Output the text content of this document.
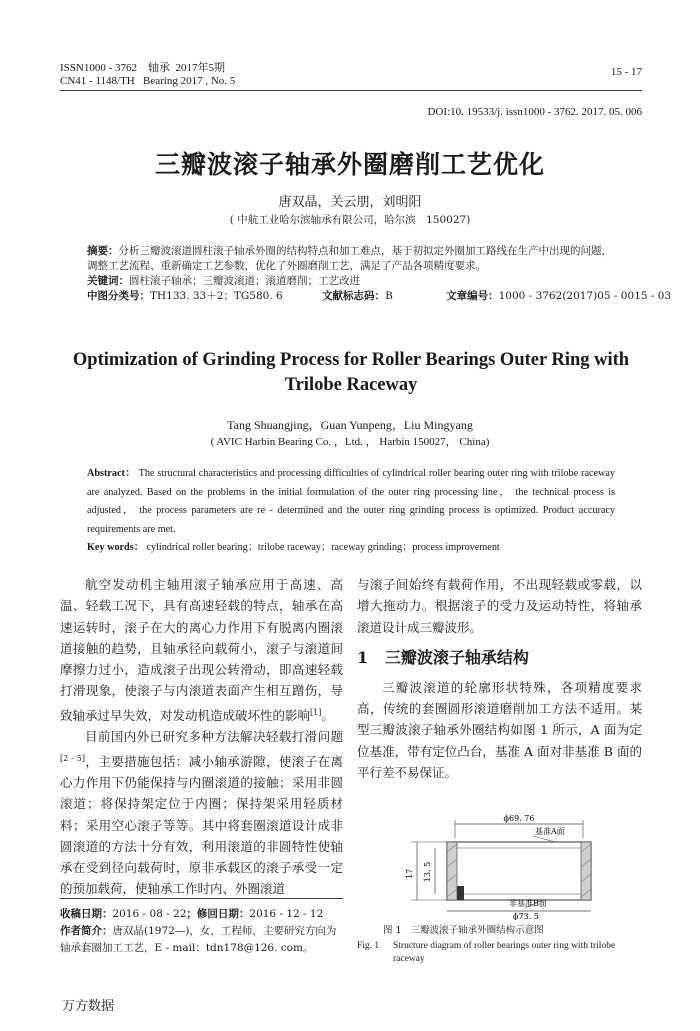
ISSN1000 - 3762 轴承 2017年5期
CN41 - 1148/TH Bearing 2017 , No. 5
15 - 17
DOI:10. 19533/j. issn1000 - 3762. 2017. 05. 006
三瓣波滚子轴承外圈磨削工艺优化
唐双晶，关云朋，刘明阳
( 中航工业哈尔滨轴承有限公司，哈尔滨　150027)
摘要：分析三瓣波滚道圆柱滚子轴承外圈的结构特点和加工难点，基于初拟定外圈加工路线在生产中出现的问题，调整工艺流程、重新确定工艺参数，优化了外圈磨削工艺，满足了产品各项精度要求。
关键词：圆柱滚子轴承；三瓣波滚道；滚道磨削；工艺改进
中图分类号：TH133. 33＋2；TG580. 6	文献标志码：B	文章编号：1000 - 3762(2017)05 - 0015 - 03
Optimization of Grinding Process for Roller Bearings Outer Ring with Trilobe Raceway
Tang Shuangjing，Guan Yunpeng，Liu Mingyang
( AVIC Harbin Bearing Co. ，Ltd. ， Harbin 150027， China)
Abstract： The structural characteristics and processing difficulties of cylindrical roller bearing outer ring with trilobe raceway are analyzed. Based on the problems in the initial formulation of the outer ring processing line， the technical process is adjusted， the process parameters are re - determined and the outer ring grinding process is optimized. Product accuracy requirements are met.
Key words： cylindrical roller bearing；trilobe raceway；raceway grinding；process improvement

航空发动机主轴用滚子轴承应用于高速、高温、轻载工况下，具有高速轻载的特点，轴承在高速运转时，滚子在大的离心力作用下有脱离内圈滚道接触的趋势，且轴承径向载荷小，滚子与滚道间摩擦力过小，造成滚子出现公转滑动，即高速轻载打滑现象，使滚子与内滚道表面产生相互蹭伤，导致轴承过早失效，对发动机造成破坏性的影响[1]。

目前国内外已研究多种方法解决轻载打滑问题[2 - 5]，主要措施包括：减小轴承游隙，使滚子在离心力作用下仍能保持与内圈滚道的接触；采用非圆滚道；将保持架定位于内圈；保持架采用轻质材料；采用空心滚子等等。其中将套圈滚道设计成非圆滚道的方法十分有效，利用滚道的非圆特性使轴承在受到径向载荷时，原非承载区的滚子承受一定的预加载荷，使轴承工作时内、外圈滚道

收稿日期：2016 - 08 - 22；修回日期：2016 - 12 - 12
作者简介：唐双晶(1972—)，女，工程师，主要研究方向为轴承套圈加工工艺，E - mail：tdn178@126. com。

与滚子间始终有载荷作用，不出现轻载或零载，以增大拖动力。根据滚子的受力及运动特性，将轴承滚道设计成三瓣波形。

1 三瓣波滚子轴承结构

三瓣波滚道的轮廓形状特殊，各项精度要求高，传统的套圈圆形滚道磨削加工方法不适用。某型三瓣波滚子轴承外圈结构如图 1 所示，A 面为定位基准，带有定位凸台，基准 A 面对非基准 B 面的平行差不易保证。

ϕ69. 76
基准A面
17 13. 5
非基准B面
ϕ73. 5
图 1 三瓣波滚子轴承外圈结构示意图
Fig. 1	Structure diagram of roller bearings outer ring with trilobe raceway
万方数据
